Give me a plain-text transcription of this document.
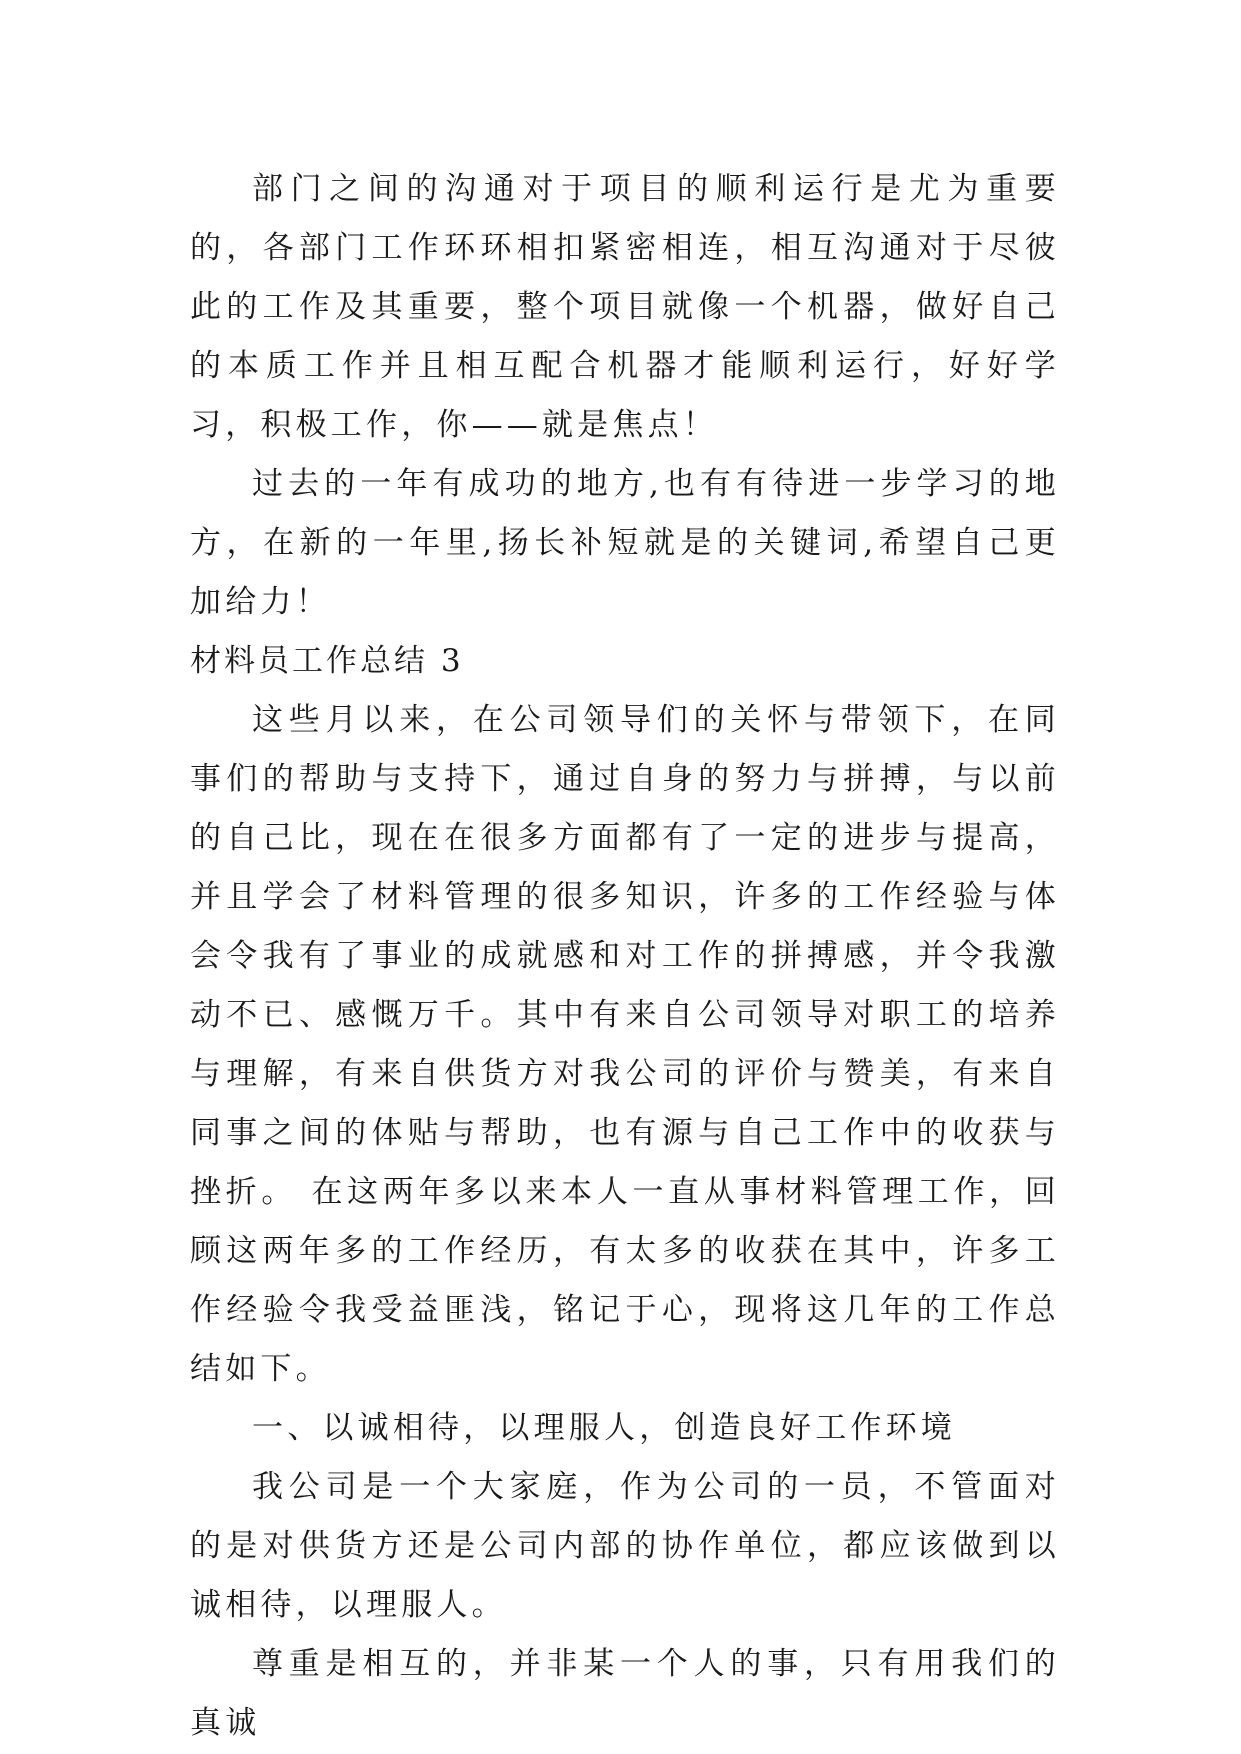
部门之间的沟通对于项目的顺利运行是尤为重要的，各部门工作环环相扣紧密相连，相互沟通对于尽彼此的工作及其重要，整个项目就像一个机器，做好自己的本质工作并且相互配合机器才能顺利运行，好好学习，积极工作，你——就是焦点！

过去的一年有成功的地方,也有有待进一步学习的地方，在新的一年里,扬长补短就是的关键词,希望自己更加给力！

材料员工作总结 3

这些月以来，在公司领导们的关怀与带领下，在同事们的帮助与支持下，通过自身的努力与拼搏，与以前的自己比，现在在很多方面都有了一定的进步与提高，并且学会了材料管理的很多知识，许多的工作经验与体会令我有了事业的成就感和对工作的拼搏感，并令我激动不已、感慨万千。其中有来自公司领导对职工的培养与理解，有来自供货方对我公司的评价与赞美，有来自同事之间的体贴与帮助，也有源与自己工作中的收获与挫折。 在这两年多以来本人一直从事材料管理工作，回顾这两年多的工作经历，有太多的收获在其中，许多工作经验令我受益匪浅，铭记于心，现将这几年的工作总结如下。

一、以诚相待，以理服人，创造良好工作环境

我公司是一个大家庭，作为公司的一员，不管面对的是对供货方还是公司内部的协作单位，都应该做到以诚相待，以理服人。

尊重是相互的，并非某一个人的事，只有用我们的真诚
